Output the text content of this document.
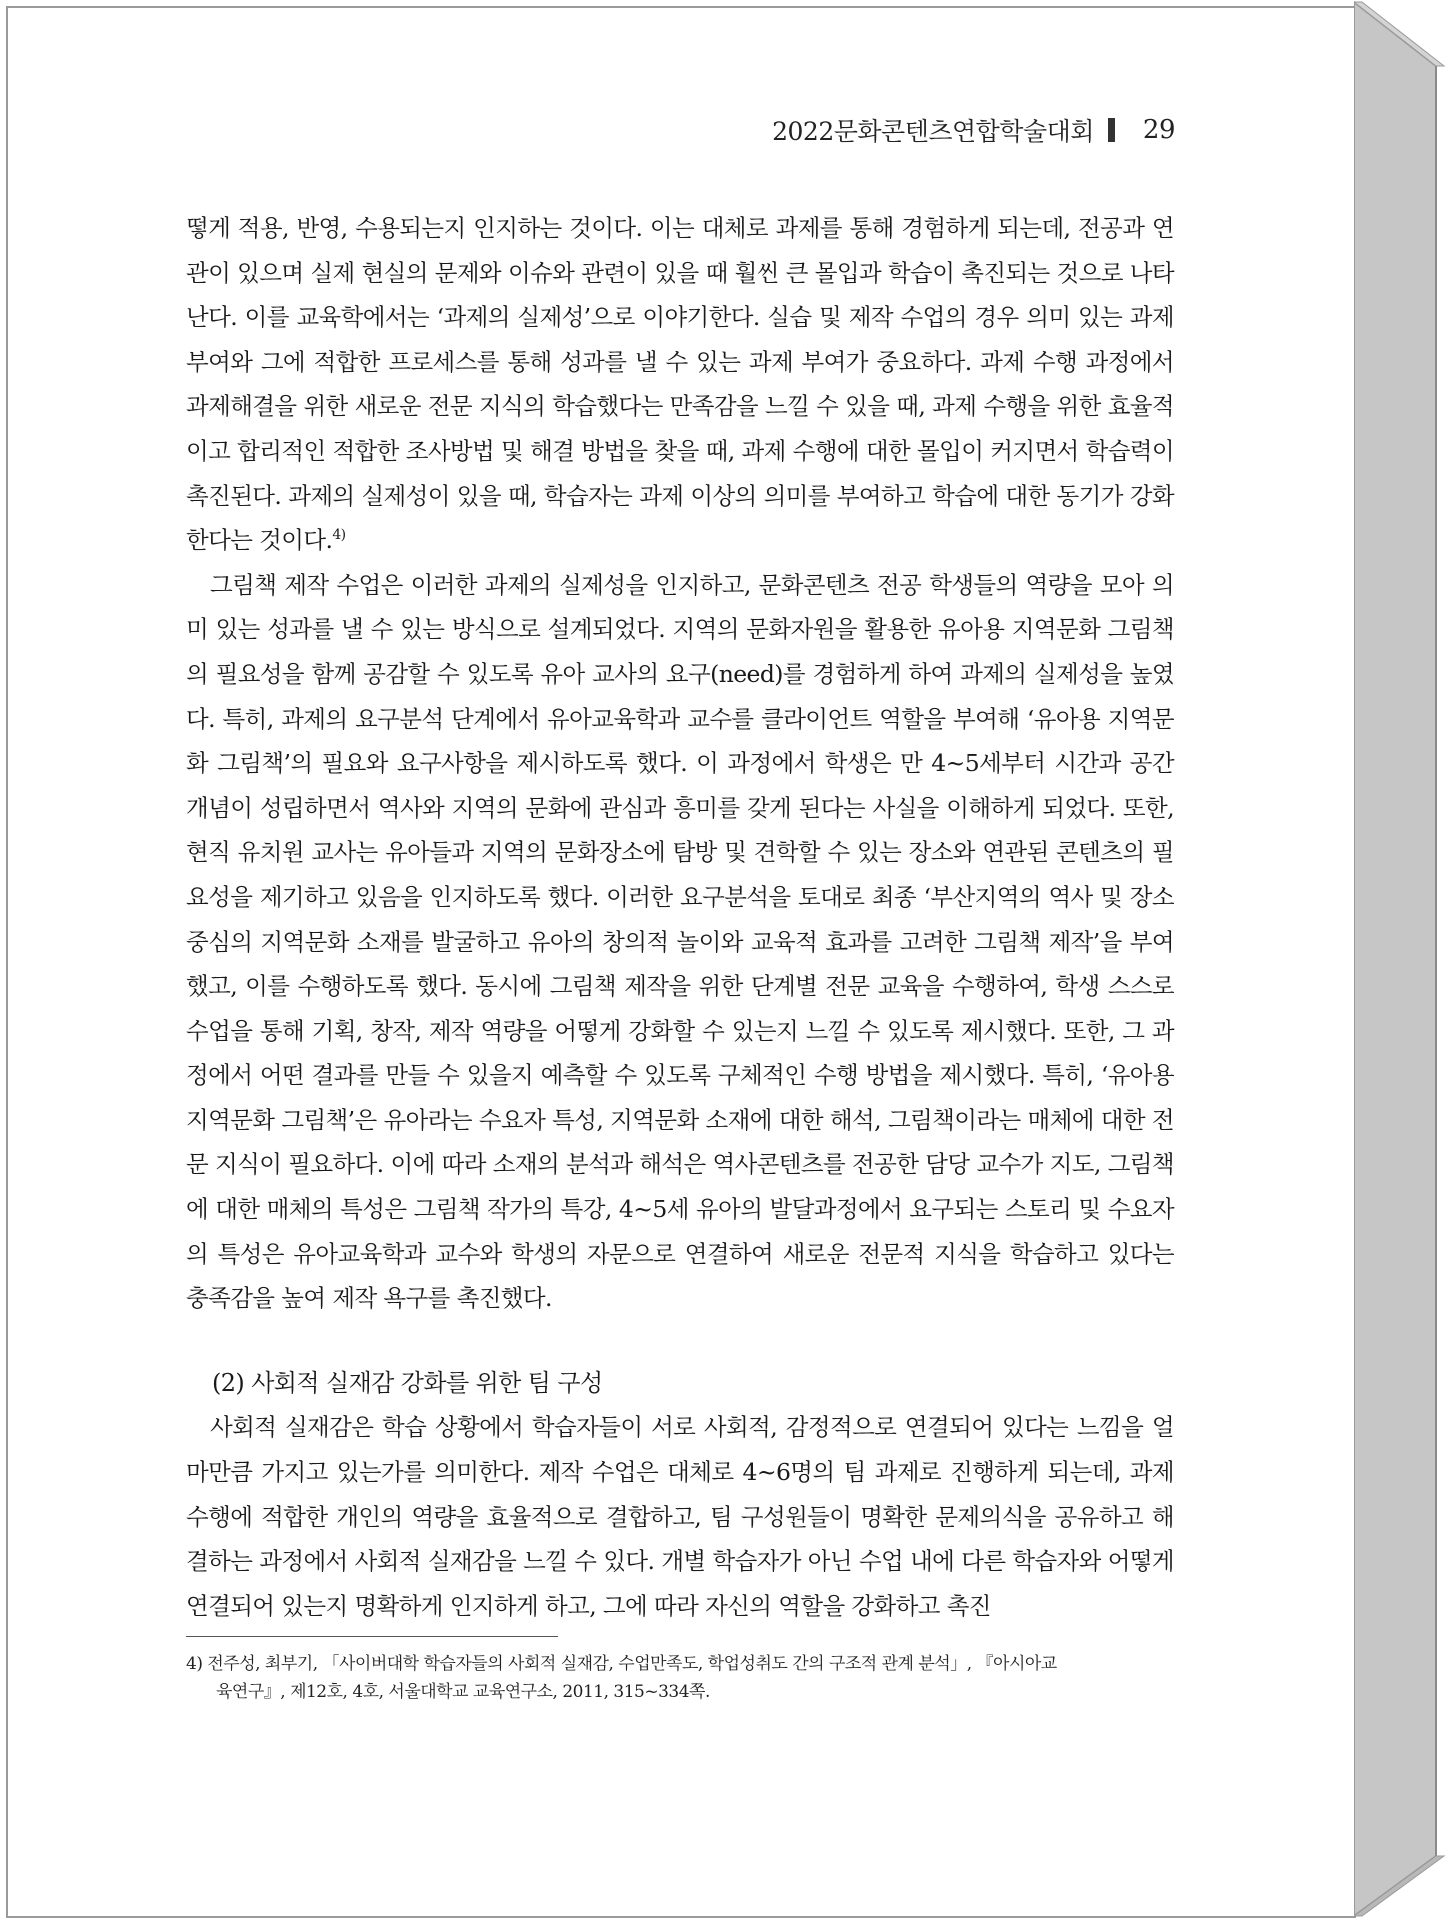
2022문화콘텐츠연합학술대회 29

떻게 적용, 반영, 수용되는지 인지하는 것이다. 이는 대체로 과제를 통해 경험하게 되는데, 전공과 연관이 있으며 실제 현실의 문제와 이슈와 관련이 있을 때 훨씬 큰 몰입과 학습이 촉진되는 것으로 나타난다. 이를 교육학에서는 ‘과제의 실제성’으로 이야기한다. 실습 및 제작 수업의 경우 의미 있는 과제 부여와 그에 적합한 프로세스를 통해 성과를 낼 수 있는 과제 부여가 중요하다. 과제 수행 과정에서 과제해결을 위한 새로운 전문 지식의 학습했다는 만족감을 느낄 수 있을 때, 과제 수행을 위한 효율적이고 합리적인 적합한 조사방법 및 해결 방법을 찾을 때, 과제 수행에 대한 몰입이 커지면서 학습력이 촉진된다. 과제의 실제성이 있을 때, 학습자는 과제 이상의 의미를 부여하고 학습에 대한 동기가 강화한다는 것이다.$^{4)}$

그림책 제작 수업은 이러한 과제의 실제성을 인지하고, 문화콘텐츠 전공 학생들의 역량을 모아 의미 있는 성과를 낼 수 있는 방식으로 설계되었다. 지역의 문화자원을 활용한 유아용 지역문화 그림책의 필요성을 함께 공감할 수 있도록 유아 교사의 요구(need)를 경험하게 하여 과제의 실제성을 높였다. 특히, 과제의 요구분석 단계에서 유아교육학과 교수를 클라이언트 역할을 부여해 ‘유아용 지역문화 그림책’의 필요와 요구사항을 제시하도록 했다. 이 과정에서 학생은 만 4~5세부터 시간과 공간 개념이 성립하면서 역사와 지역의 문화에 관심과 흥미를 갖게 된다는 사실을 이해하게 되었다. 또한, 현직 유치원 교사는 유아들과 지역의 문화장소에 탐방 및 견학할 수 있는 장소와 연관된 콘텐츠의 필요성을 제기하고 있음을 인지하도록 했다. 이러한 요구분석을 토대로 최종 ‘부산지역의 역사 및 장소 중심의 지역문화 소재를 발굴하고 유아의 창의적 놀이와 교육적 효과를 고려한 그림책 제작’을 부여했고, 이를 수행하도록 했다. 동시에 그림책 제작을 위한 단계별 전문 교육을 수행하여, 학생 스스로 수업을 통해 기획, 창작, 제작 역량을 어떻게 강화할 수 있는지 느낄 수 있도록 제시했다. 또한, 그 과정에서 어떤 결과를 만들 수 있을지 예측할 수 있도록 구체적인 수행 방법을 제시했다. 특히, ‘유아용 지역문화 그림책’은 유아라는 수요자 특성, 지역문화 소재에 대한 해석, 그림책이라는 매체에 대한 전문 지식이 필요하다. 이에 따라 소재의 분석과 해석은 역사콘텐츠를 전공한 담당 교수가 지도, 그림책에 대한 매체의 특성은 그림책 작가의 특강, 4~5세 유아의 발달과정에서 요구되는 스토리 및 수요자의 특성은 유아교육학과 교수와 학생의 자문으로 연결하여 새로운 전문적 지식을 학습하고 있다는 충족감을 높여 제작 욕구를 촉진했다.

(2) 사회적 실재감 강화를 위한 팀 구성

사회적 실재감은 학습 상황에서 학습자들이 서로 사회적, 감정적으로 연결되어 있다는 느낌을 얼마만큼 가지고 있는가를 의미한다. 제작 수업은 대체로 4~6명의 팀 과제로 진행하게 되는데, 과제 수행에 적합한 개인의 역량을 효율적으로 결합하고, 팀 구성원들이 명확한 문제의식을 공유하고 해결하는 과정에서 사회적 실재감을 느낄 수 있다. 개별 학습자가 아닌 수업 내에 다른 학습자와 어떻게 연결되어 있는지 명확하게 인지하게 하고, 그에 따라 자신의 역할을 강화하고 촉진

4) 전주성, 최부기, 「사이버대학 학습자들의 사회적 실재감, 수업만족도, 학업성취도 간의 구조적 관계 분석」, 『아시아교
육연구』, 제12호, 4호, 서울대학교 교육연구소, 2011, 315~334쪽.
